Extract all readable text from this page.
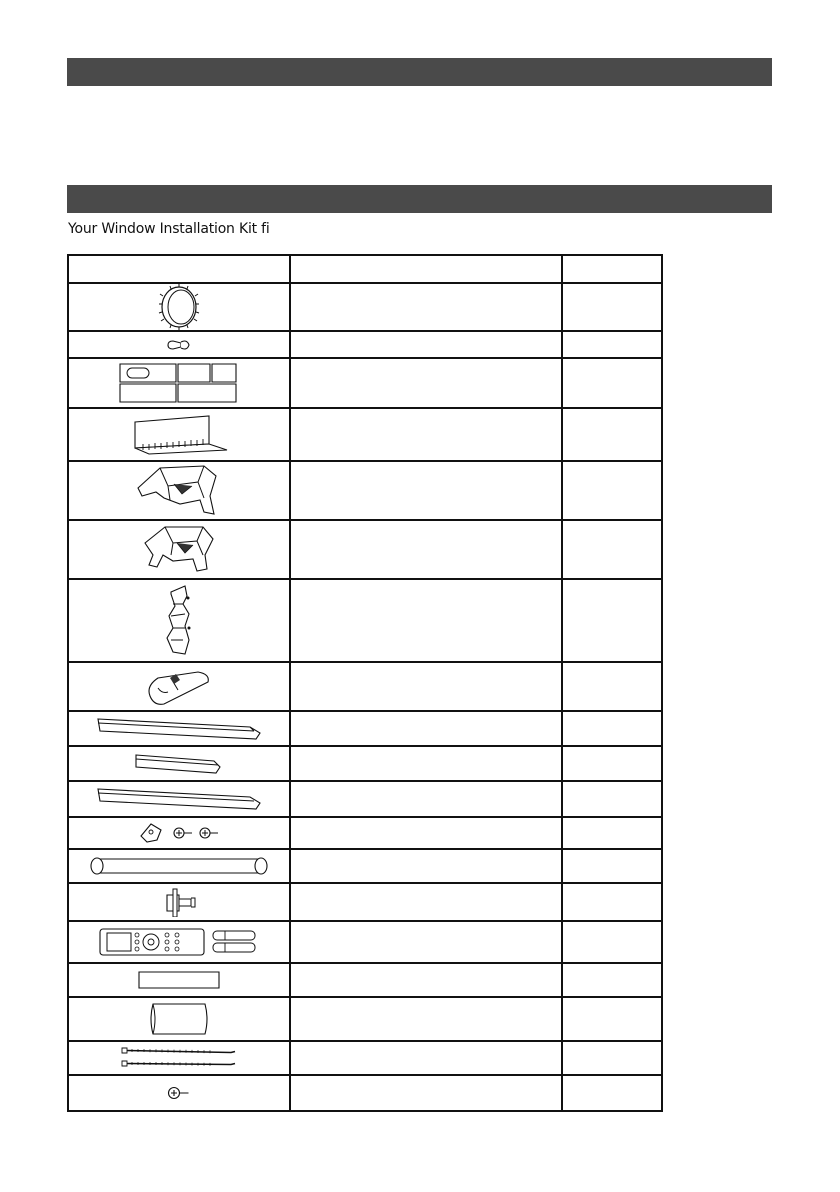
Your Window Installation Kit fi
